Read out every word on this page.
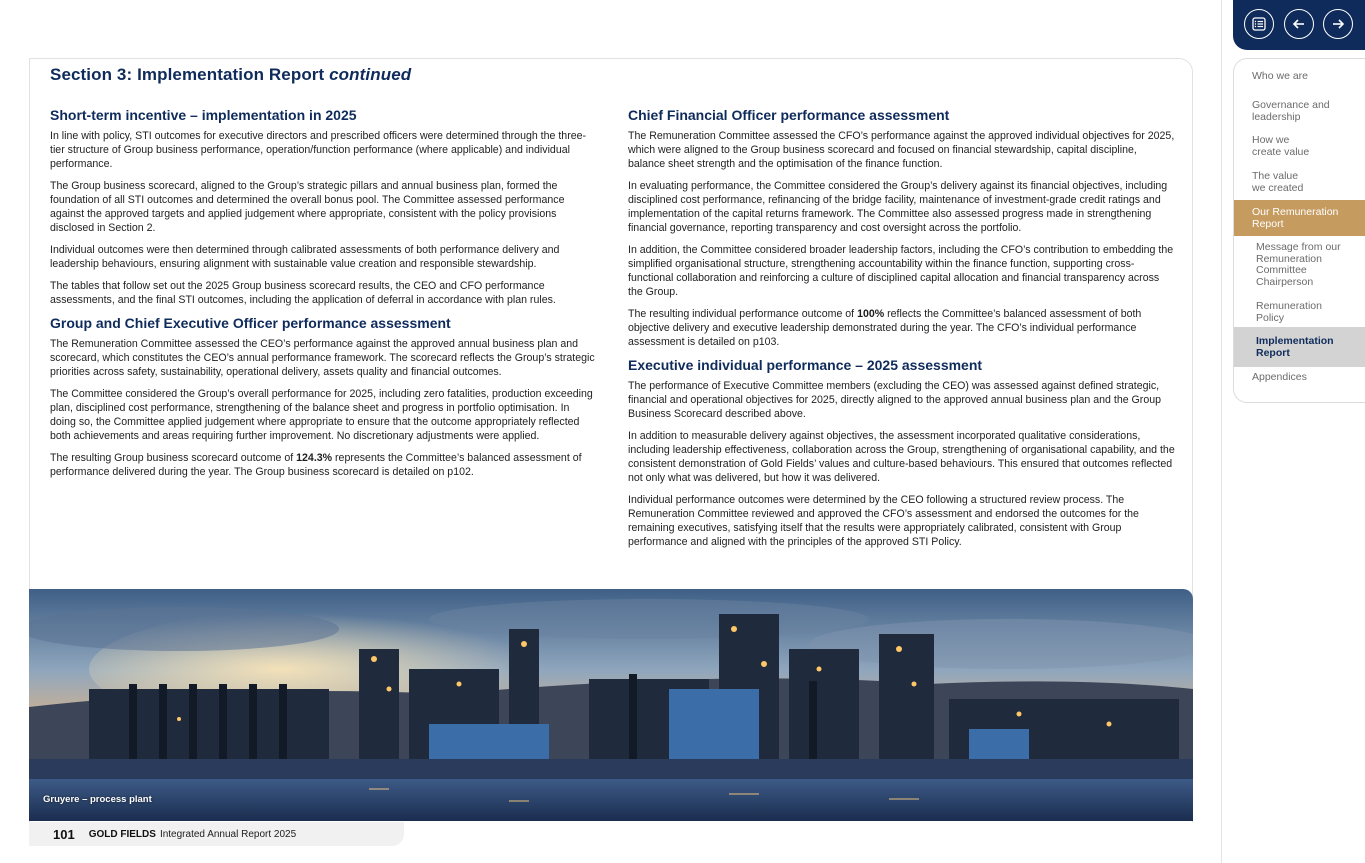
Section 3: Implementation Report continued
Short-term incentive – implementation in 2025

In line with policy, STI outcomes for executive directors and prescribed officers were determined through the three-tier structure of Group business performance, operation/function performance (where applicable) and individual performance.

The Group business scorecard, aligned to the Group’s strategic pillars and annual business plan, formed the foundation of all STI outcomes and determined the overall bonus pool. The Committee assessed performance against the approved targets and applied judgement where appropriate, consistent with the policy provisions disclosed in Section 2.

Individual outcomes were then determined through calibrated assessments of both performance delivery and leadership behaviours, ensuring alignment with sustainable value creation and responsible stewardship.

The tables that follow set out the 2025 Group business scorecard results, the CEO and CFO performance assessments, and the final STI outcomes, including the application of deferral in accordance with plan rules.

Group and Chief Executive Officer performance assessment

The Remuneration Committee assessed the CEO’s performance against the approved annual business plan and scorecard, which constitutes the CEO’s annual performance framework. The scorecard reflects the Group’s strategic priorities across safety, sustainability, operational delivery, assets quality and financial outcomes.

The Committee considered the Group’s overall performance for 2025, including zero fatalities, production exceeding plan, disciplined cost performance, strengthening of the balance sheet and progress in portfolio optimisation. In doing so, the Committee applied judgement where appropriate to ensure that the outcome appropriately reflected both achievements and areas requiring further improvement. No discretionary adjustments were applied.

The resulting Group business scorecard outcome of 124.3% represents the Committee’s balanced assessment of performance delivered during the year. The Group business scorecard is detailed on p102.

Chief Financial Officer performance assessment

The Remuneration Committee assessed the CFO’s performance against the approved individual objectives for 2025, which were aligned to the Group business scorecard and focused on financial stewardship, capital discipline, balance sheet strength and the optimisation of the finance function.

In evaluating performance, the Committee considered the Group’s delivery against its financial objectives, including disciplined cost performance, refinancing of the bridge facility, maintenance of investment-grade credit ratings and implementation of the capital returns framework. The Committee also assessed progress made in strengthening financial governance, reporting transparency and cost oversight across the portfolio.

In addition, the Committee considered broader leadership factors, including the CFO’s contribution to embedding the simplified organisational structure, strengthening accountability within the finance function, supporting cross-functional collaboration and reinforcing a culture of disciplined capital allocation and financial transparency across the Group.

The resulting individual performance outcome of 100% reflects the Committee’s balanced assessment of both objective delivery and executive leadership demonstrated during the year. The CFO’s individual performance assessment is detailed on p103.

Executive individual performance – 2025 assessment

The performance of Executive Committee members (excluding the CEO) was assessed against defined strategic, financial and operational objectives for 2025, directly aligned to the approved annual business plan and the Group Business Scorecard described above.

In addition to measurable delivery against objectives, the assessment incorporated qualitative considerations, including leadership effectiveness, collaboration across the Group, strengthening of organisational capability, and the consistent demonstration of Gold Fields’ values and culture-based behaviours. This ensured that outcomes reflected not only what was delivered, but how it was delivered.

Individual performance outcomes were determined by the CEO following a structured review process. The Remuneration Committee reviewed and approved the CFO’s assessment and endorsed the outcomes for the remaining executives, satisfying itself that the results were appropriately calibrated, consistent with Group performance and aligned with the principles of the approved STI Policy.

Gruyere – process plant
101 GOLD FIELDS Integrated Annual Report 2025
Who we are
Governance and leadership
How we create value
The value we created
Our Remuneration Report
Message from our Remuneration Committee Chairperson
Remuneration Policy
Implementation Report
Appendices
